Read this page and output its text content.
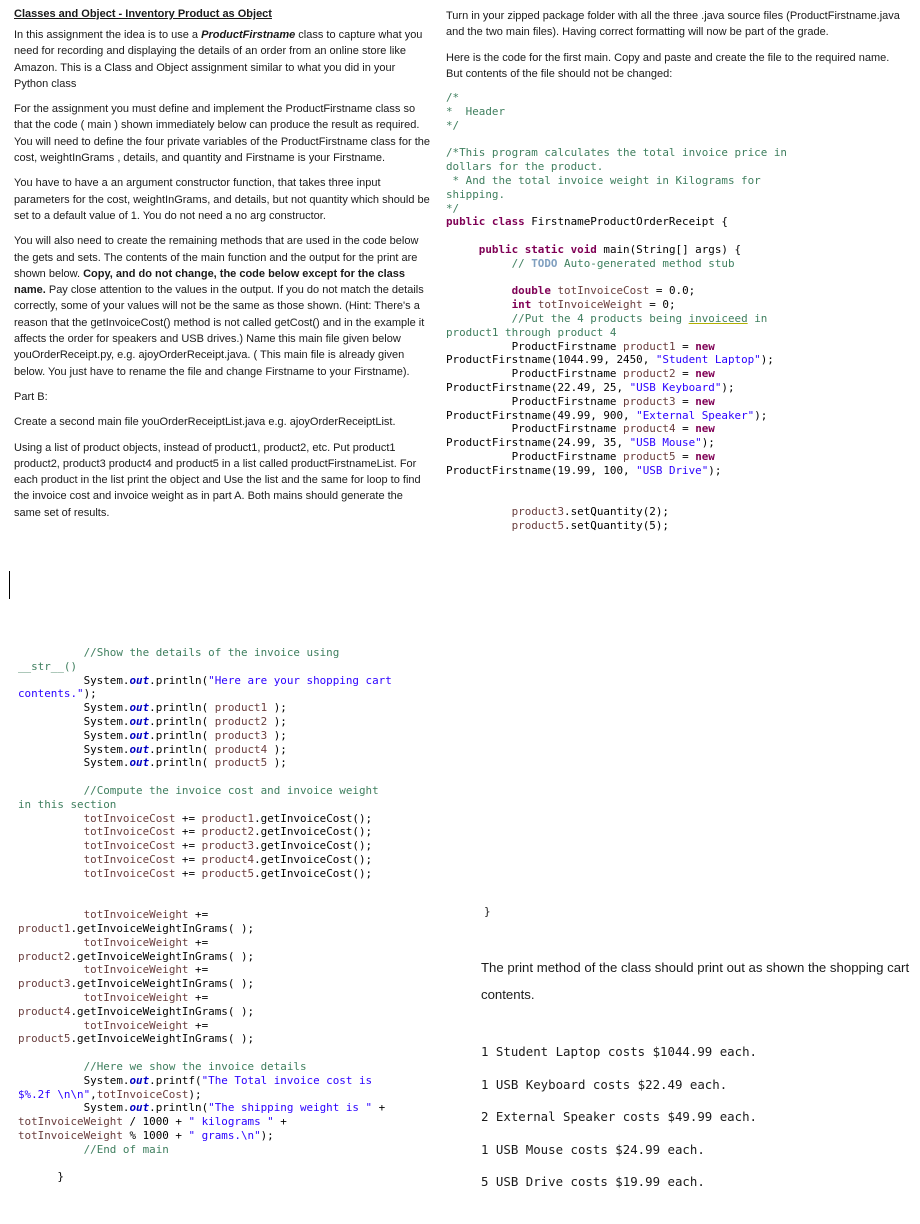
Classes and Object - Inventory Product as Object

In this assignment the idea is to use a ProductFirstname class to capture what you need for recording and displaying the details of an order from an online store like Amazon. This is a Class and Object assignment similar to what you did in your Python class

For the assignment you must define and implement the ProductFirstname class so that the code ( main ) shown immediately below can produce the result as required. You will need to define the four private variables of the ProductFirstname class for the cost, weightInGrams , details, and quantity and Firstname is your Firstname.

You have to have a an argument constructor function, that takes three input parameters for the cost, weightInGrams, and details, but not quantity which should be set to a default value of 1. You do not need a no arg constructor.

You will also need to create the remaining methods that are used in the code below the gets and sets. The contents of the main function and the output for the print are shown below. Copy, and do not change, the code below except for the class name. Pay close attention to the values in the output. If you do not match the details correctly, some of your values will not be the same as those shown. (Hint: There's a reason that the getInvoiceCost() method is not called getCost() and in the example it affects the order for speakers and USB drives.) Name this main file given below youOrderReceipt.py, e.g. ajoyOrderReceipt.java. ( This main file is already given below. You just have to rename the file and change Firstname to your Firstname).

Part B:

Create a second main file youOrderReceiptList.java e.g. ajoyOrderReceiptList.

Using a list of product objects, instead of product1, product2, etc. Put product1 product2, product3 product4 and product5 in a list called productFirstnameList. For each product in the list print the object and Use the list and the same for loop to find the invoice cost and invoice weight as in part A. Both mains should generate the same set of results.

//Show the details of the invoice using
__str__()
System.out.println("Here are your shopping cart
contents.");
System.out.println( product1 );
System.out.println( product2 );
System.out.println( product3 );
System.out.println( product4 );
System.out.println( product5 );

//Compute the invoice cost and invoice weight
in this section
totInvoiceCost += product1.getInvoiceCost();
totInvoiceCost += product2.getInvoiceCost();
totInvoiceCost += product3.getInvoiceCost();
totInvoiceCost += product4.getInvoiceCost();
totInvoiceCost += product5.getInvoiceCost();

totInvoiceWeight +=
product1.getInvoiceWeightInGrams( );
totInvoiceWeight +=
product2.getInvoiceWeightInGrams( );
totInvoiceWeight +=
product3.getInvoiceWeightInGrams( );
totInvoiceWeight +=
product4.getInvoiceWeightInGrams( );
totInvoiceWeight +=
product5.getInvoiceWeightInGrams( );

//Here we show the invoice details
System.out.printf("The Total invoice cost is
$%.2f \n\n",totInvoiceCost);
System.out.println("The shipping weight is " +
totInvoiceWeight / 1000 + " kilograms " +
totInvoiceWeight % 1000 + " grams.\n");
//End of main

}

Turn in your zipped package folder with all the three .java source files (ProductFirstname.java and the two main files). Having correct formatting will now be part of the grade.

Here is the code for the first main. Copy and paste and create the file to the required name. But contents of the file should not be changed:

/*
*  Header
*/

/*This program calculates the total invoice price in
dollars for the product.
* And the total invoice weight in Kilograms for
shipping.
*/
public class FirstnameProductOrderReceipt {

public static void main(String[] args) {
// TODO Auto-generated method stub

double totInvoiceCost = 0.0;
int totInvoiceWeight = 0;
//Put the 4 products being invoiceed in
product1 through product 4
ProductFirstname product1 = new
ProductFirstname(1044.99, 2450, "Student Laptop");
ProductFirstname product2 = new
ProductFirstname(22.49, 25, "USB Keyboard");
ProductFirstname product3 = new
ProductFirstname(49.99, 900, "External Speaker");
ProductFirstname product4 = new
ProductFirstname(24.99, 35, "USB Mouse");
ProductFirstname product5 = new
ProductFirstname(19.99, 100, "USB Drive");

product3.setQuantity(2);
product5.setQuantity(5);
}
The print method of the class should print out as shown the shopping cart contents.
1 Student Laptop costs $1044.99 each.
1 USB Keyboard costs $22.49 each.
2 External Speaker costs $49.99 each.
1 USB Mouse costs $24.99 each.
5 USB Drive costs $19.99 each.
